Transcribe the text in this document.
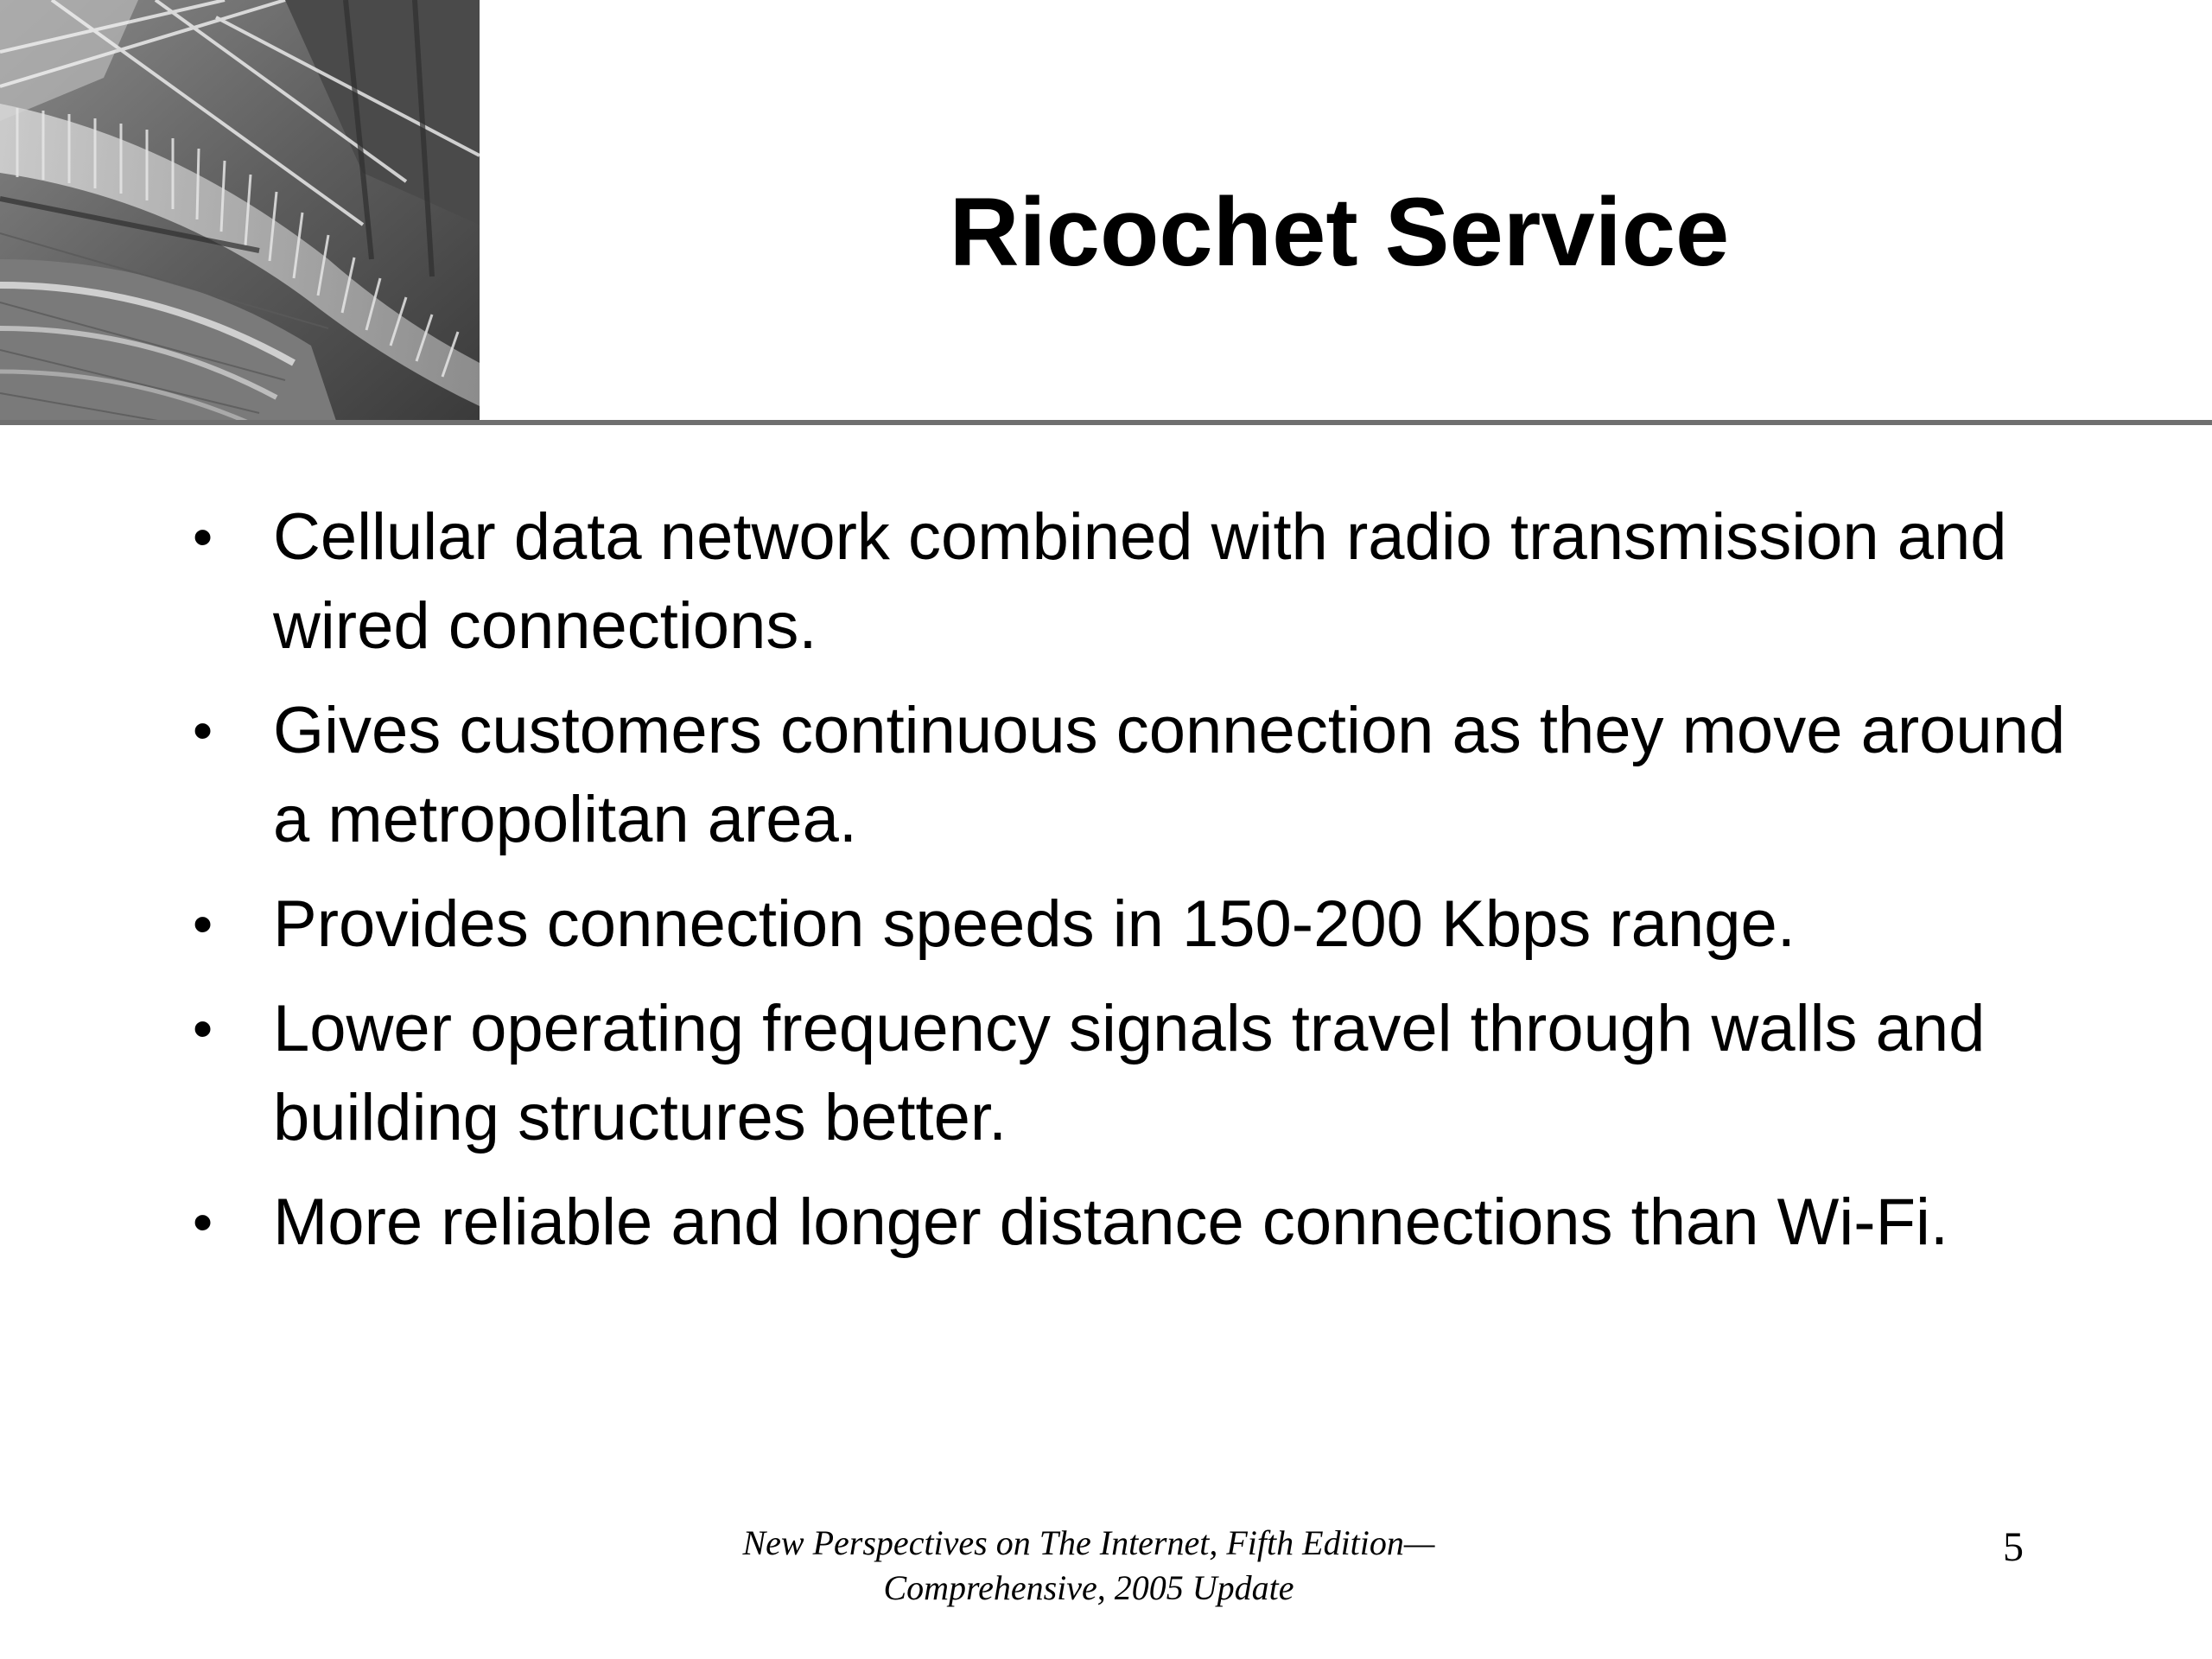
Ricochet Service
• Cellular data network combined with radio transmission and wired connections.
• Gives customers continuous connection as they move around a metropolitan area.
• Provides connection speeds in 150-200 Kbps range.
• Lower operating frequency signals travel through walls and building structures better.
• More reliable and longer distance connections than Wi-Fi.
New Perspectives on The Internet, Fifth Edition—
Comprehensive, 2005 Update
5
